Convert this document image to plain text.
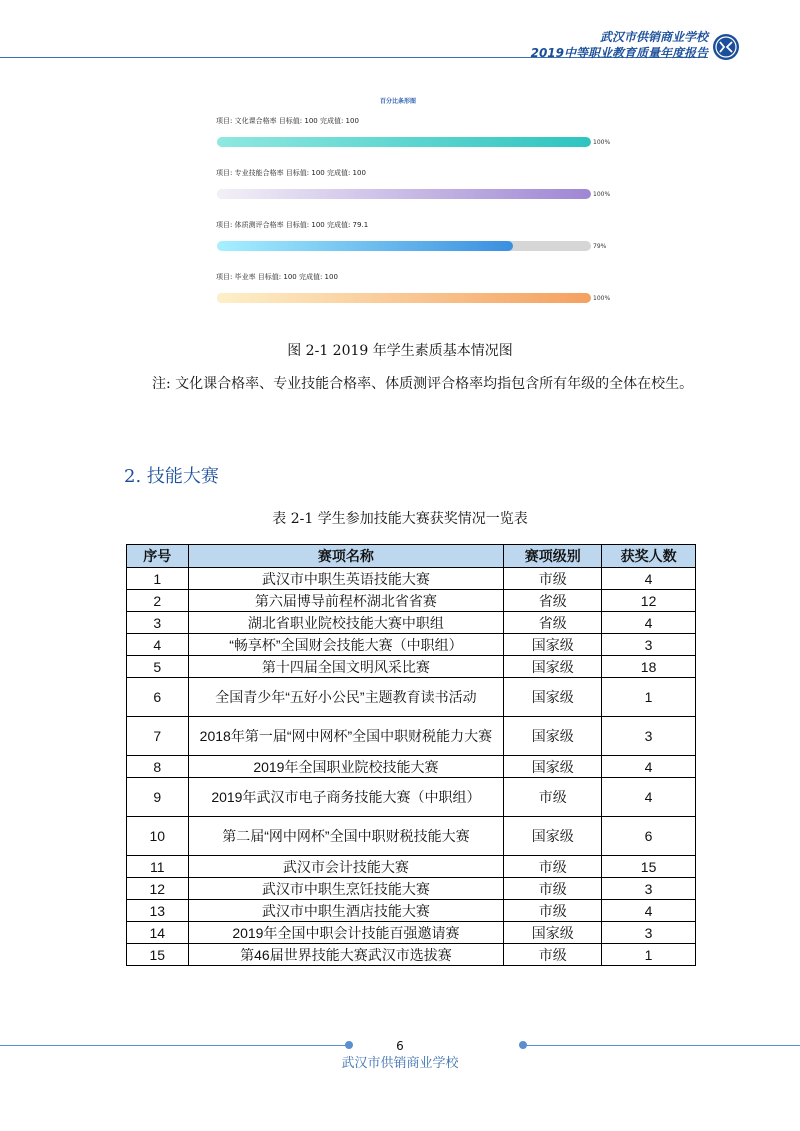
武汉市供销商业学校
2019中等职业教育质量年度报告
百分比条形图
项目: 文化课合格率 目标值: 100 完成值: 100
100%
项目: 专业技能合格率 目标值: 100 完成值: 100
100%
项目: 体质测评合格率 目标值: 100 完成值: 79.1
79%
项目: 毕业率 目标值: 100 完成值: 100
100%
图 2-1 2019 年学生素质基本情况图
注: 文化课合格率、专业技能合格率、体质测评合格率均指包含所有年级的全体在校生。
2. 技能大赛
表 2-1 学生参加技能大赛获奖情况一览表
序号	赛项名称	赛项级别	获奖人数
1	武汉市中职生英语技能大赛	市级	4
2	第六届博导前程杯湖北省省赛	省级	12
3	湖北省职业院校技能大赛中职组	省级	4
4	“畅享杯”全国财会技能大赛（中职组）	国家级	3
5	第十四届全国文明风采比赛	国家级	18
6	全国青少年“五好小公民”主题教育读书活动	国家级	1
7	2018年第一届“网中网杯”全国中职财税能力大赛	国家级	3
8	2019年全国职业院校技能大赛	国家级	4
9	2019年武汉市电子商务技能大赛（中职组）	市级	4
10	第二届“网中网杯”全国中职财税技能大赛	国家级	6
11	武汉市会计技能大赛	市级	15
12	武汉市中职生烹饪技能大赛	市级	3
13	武汉市中职生酒店技能大赛	市级	4
14	2019年全国中职会计技能百强邀请赛	国家级	3
15	第46届世界技能大赛武汉市选拔赛	市级	1
6
武汉市供销商业学校
